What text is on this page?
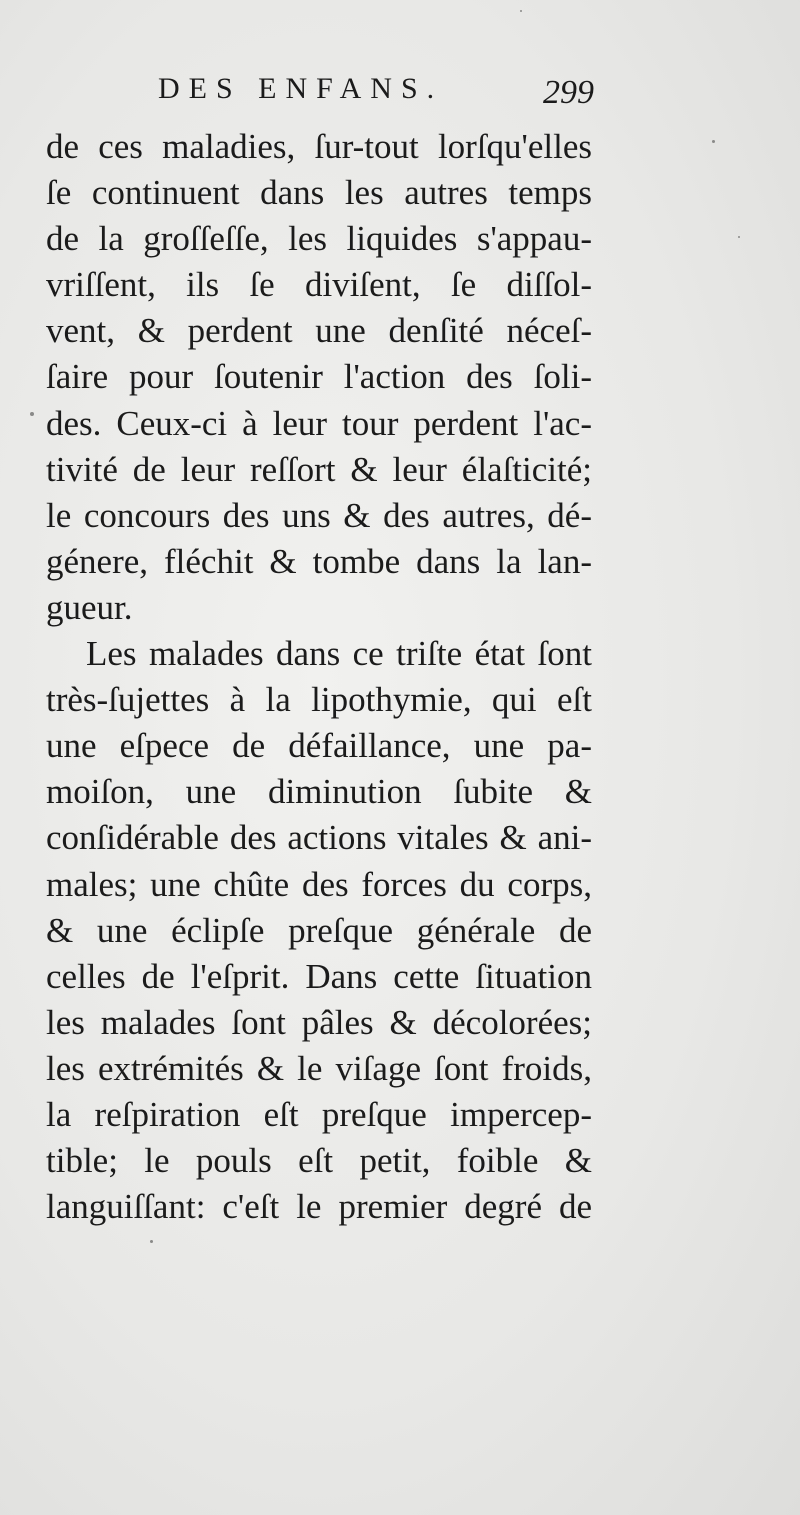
DES ENFANS.	299
de ces maladies, ſur-tout lorſqu'elles
ſe continuent dans les autres temps
de la groſſeſſe, les liquides s'appau-
vriſſent, ils ſe diviſent, ſe diſſol-
vent, & perdent une denſité néceſ-
ſaire pour ſoutenir l'action des ſoli-
des. Ceux-ci à leur tour perdent l'ac-
tivité de leur reſſort & leur élaſticité;
le concours des uns & des autres, dé-
génere, fléchit & tombe dans la lan-
gueur.
Les malades dans ce triſte état ſont
très-ſujettes à la lipothymie, qui eſt
une eſpece de défaillance, une pa-
moiſon, une diminution ſubite &
conſidérable des actions vitales & ani-
males; une chûte des forces du corps,
& une éclipſe preſque générale de
celles de l'eſprit. Dans cette ſituation
les malades ſont pâles & décolorées;
les extrémités & le viſage ſont froids,
la reſpiration eſt preſque impercep-
tible; le pouls eſt petit, foible &
languiſſant: c'eſt le premier degré de
